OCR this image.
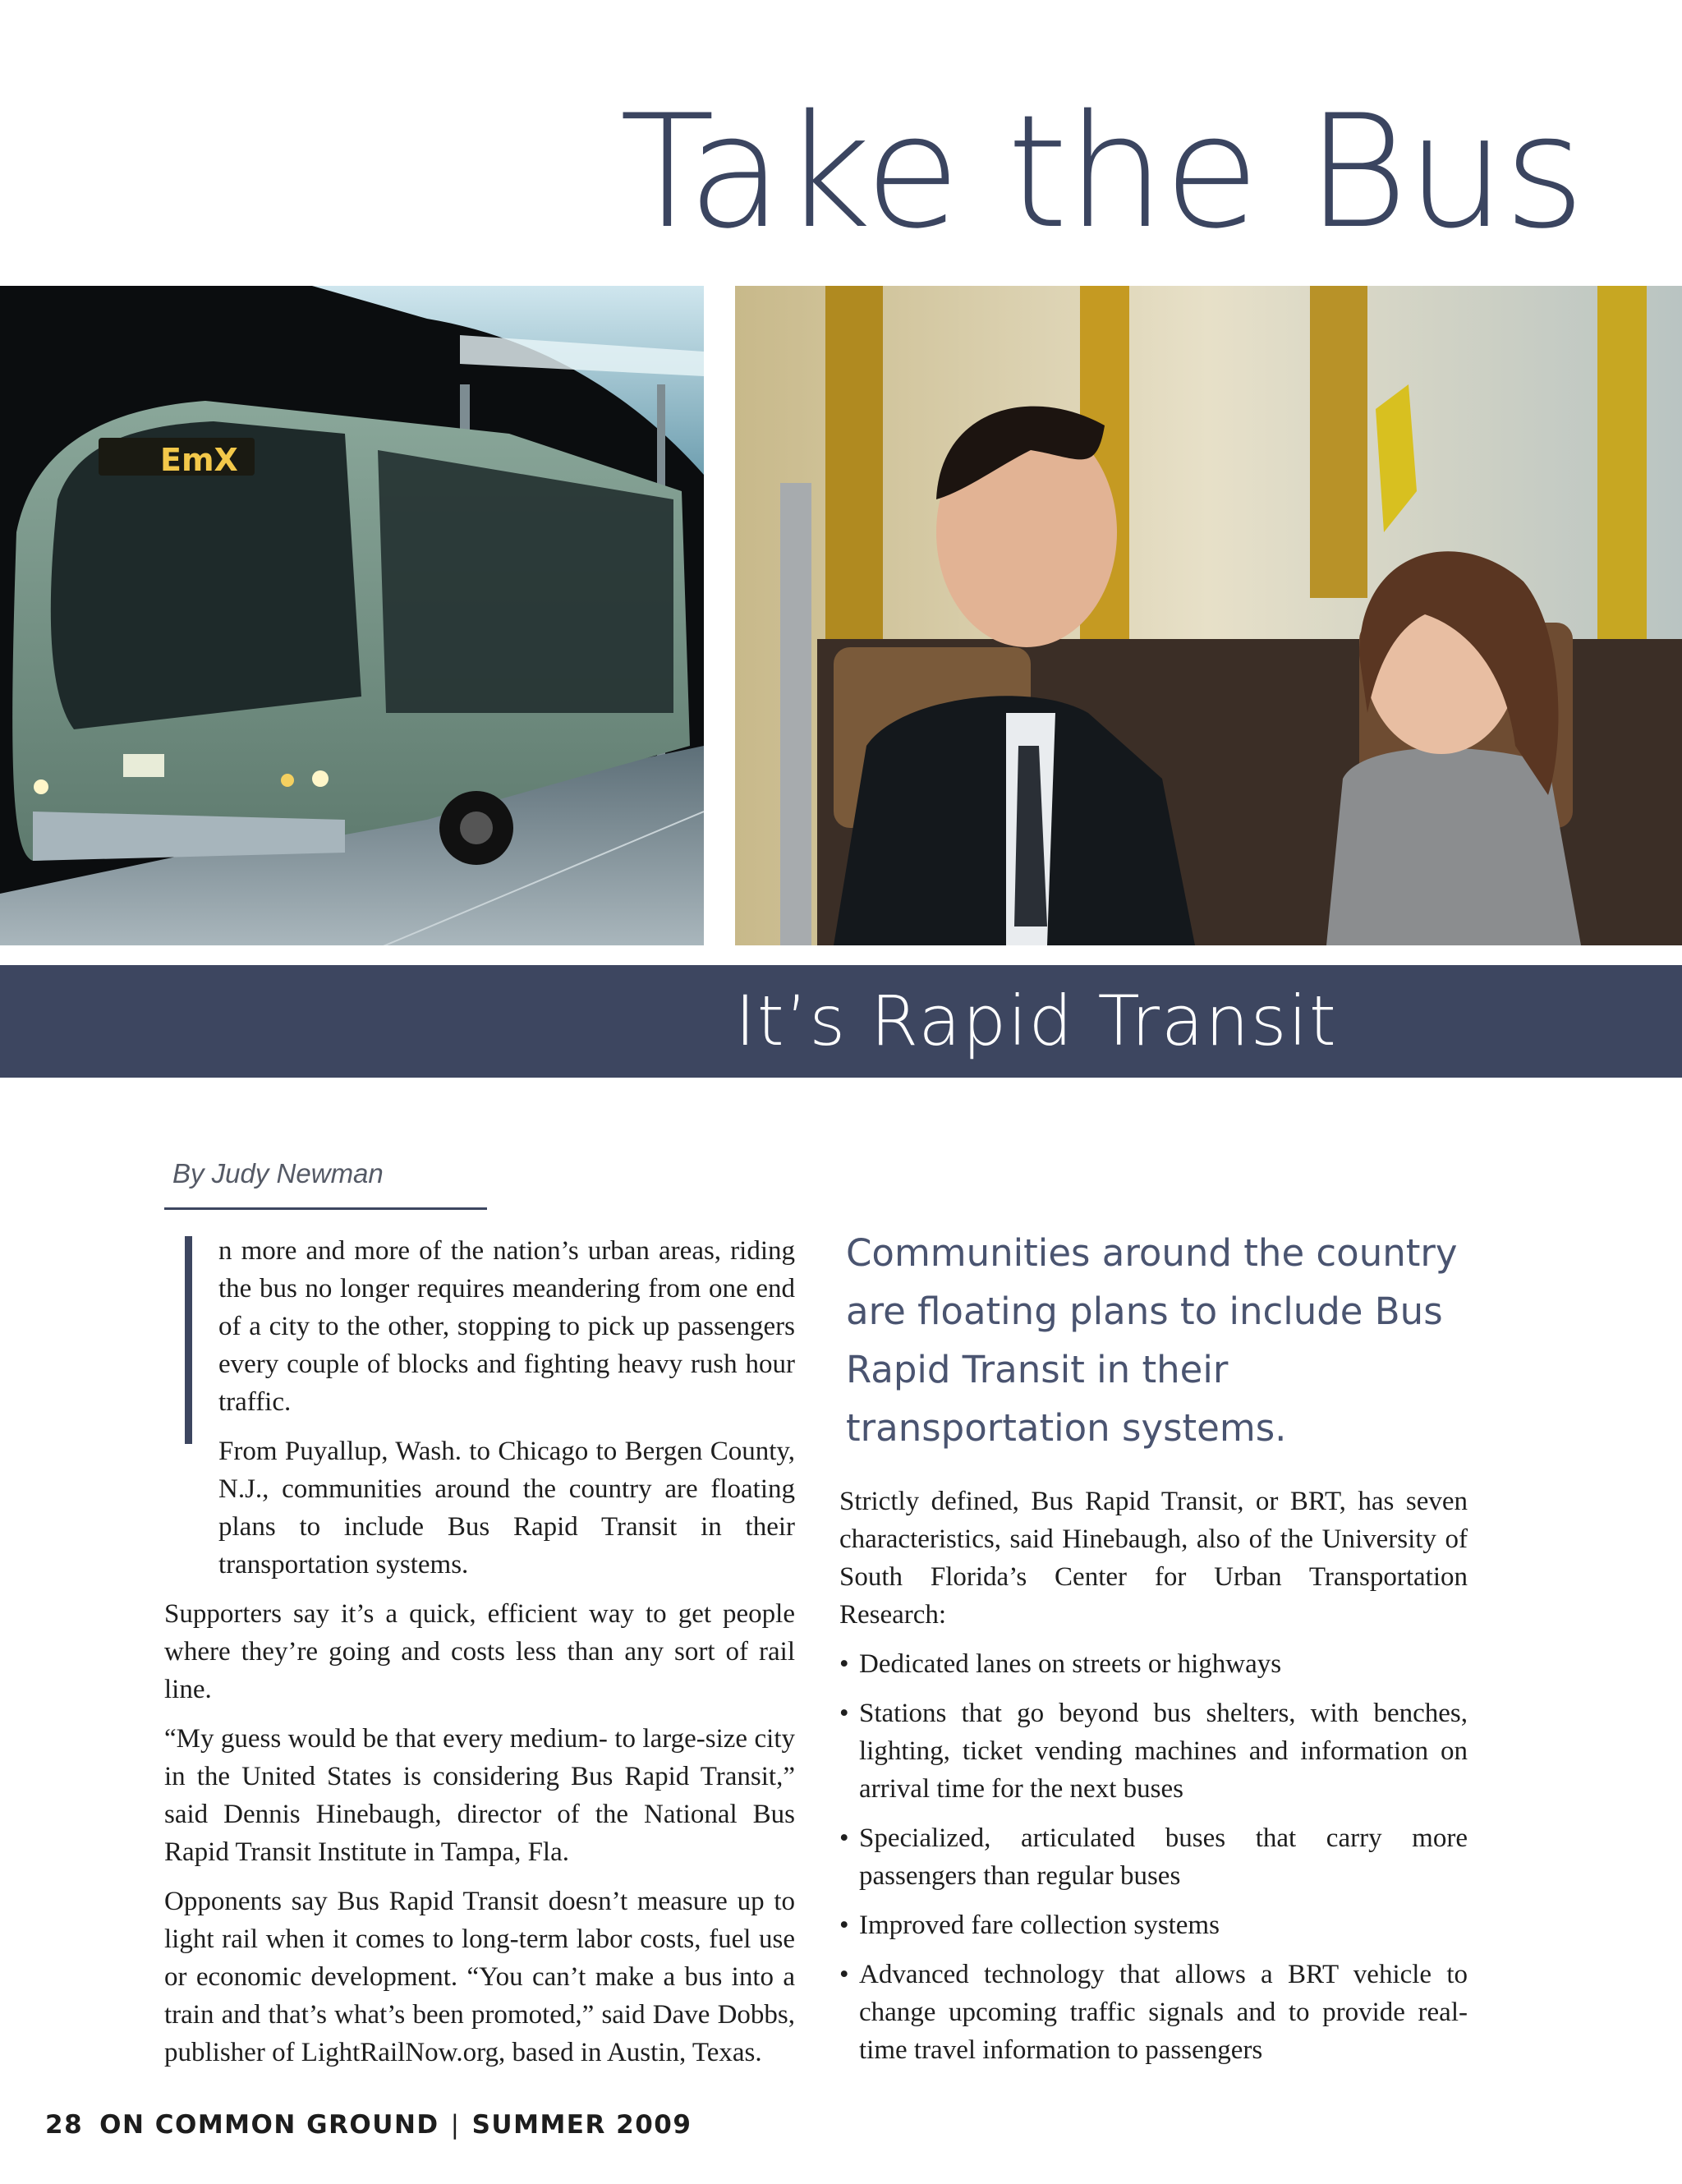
Take the Bus
EmX
It’s Rapid Transit
By Judy Newman

n more and more of the nation’s urban areas, riding the bus no longer requires meandering from one end of a city to the other, stopping to pick up passengers every couple of blocks and fighting heavy rush hour traffic.

From Puyallup, Wash. to Chicago to Bergen County, N.J., communities around the country are floating plans to include Bus Rapid Transit in their transportation systems.

Supporters say it’s a quick, efficient way to get people where they’re going and costs less than any sort of rail line.

“My guess would be that every medium- to large-size city in the United States is considering Bus Rapid Transit,” said Dennis Hinebaugh, director of the National Bus Rapid Transit Institute in Tampa, Fla.

Opponents say Bus Rapid Transit doesn’t measure up to light rail when it comes to long-term labor costs, fuel use or economic development. “You can’t make a bus into a train and that’s what’s been promoted,” said Dave Dobbs, publisher of LightRailNow.org, based in Austin, Texas.

Communities around the country are floating plans to include Bus Rapid Transit in their transportation systems.

Strictly defined, Bus Rapid Transit, or BRT, has seven characteristics, said Hinebaugh, also of the University of South Florida’s Center for Urban Transportation Research:

• Dedicated lanes on streets or highways
• Stations that go beyond bus shelters, with benches, lighting, ticket vending machines and information on arrival time for the next buses
• Specialized, articulated buses that carry more passengers than regular buses
• Improved fare collection systems
• Advanced technology that allows a BRT vehicle to change upcoming traffic signals and to provide real-time travel information to passengers
28 ON COMMON GROUND | SUMMER 2009
